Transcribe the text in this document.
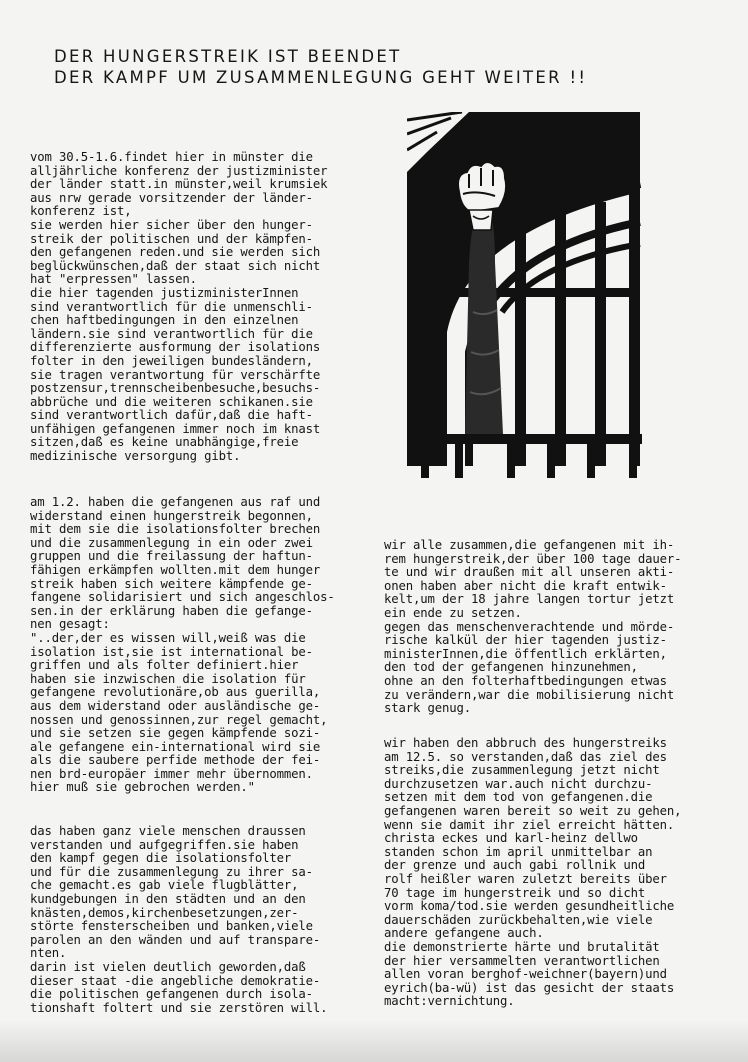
DER HUNGERSTREIK IST BEENDET
DER KAMPF UM ZUSAMMENLEGUNG GEHT WEITER !!

vom 30.5-1.6.findet hier in münster die

alljährliche konferenz der justizminister

der länder statt.in münster,weil krumsiek

aus nrw gerade vorsitzender der länder-

konferenz ist,

sie werden hier sicher über den hunger-

streik der politischen und der kämpfen-

den gefangenen reden.und sie werden sich

beglückwünschen,daß der staat sich nicht

hat "erpressen" lassen.

die hier tagenden justizministerInnen

sind verantwortlich für die unmenschli-

chen haftbedingungen in den einzelnen

ländern.sie sind verantwortlich für die

differenzierte ausformung der isolations

folter in den jeweiligen bundesländern,

sie tragen verantwortung für verschärfte

postzensur,trennscheibenbesuche,besuchs-

abbrüche und die weiteren schikanen.sie

sind verantwortlich dafür,daß die haft-

unfähigen gefangenen immer noch im knast

sitzen,daß es keine unabhängige,freie

medizinische versorgung gibt.

am 1.2. haben die gefangenen aus raf und

widerstand einen hungerstreik begonnen,

mit dem sie die isolationsfolter brechen

und die zusammenlegung in ein oder zwei

gruppen und die freilassung der haftun-

fähigen erkämpfen wollten.mit dem hunger

streik haben sich weitere kämpfende ge-

fangene solidarisiert und sich angeschlos-

sen.in der erklärung haben die gefange-

nen gesagt:

"..der,der es wissen will,weiß was die

isolation ist,sie ist international be-

griffen und als folter definiert.hier

haben sie inzwischen die isolation für

gefangene revolutionäre,ob aus guerilla,

aus dem widerstand oder ausländische ge-

nossen und genossinnen,zur regel gemacht,

und sie setzen sie gegen kämpfende sozi-

ale gefangene ein-international wird sie

als die saubere perfide methode der fei-

nen brd-europäer immer mehr übernommen.

hier muß sie gebrochen werden."

das haben ganz viele menschen draussen

verstanden und aufgegriffen.sie haben

den kampf gegen die isolationsfolter

und für die zusammenlegung zu ihrer sa-

che gemacht.es gab viele flugblätter,

kundgebungen in den städten und an den

knästen,demos,kirchenbesetzungen,zer-

störte fensterscheiben und banken,viele

parolen an den wänden und auf transpare-

nten.

darin ist vielen deutlich geworden,daß

dieser staat -die angebliche demokratie-

die politischen gefangenen durch isola-

tionshaft foltert und sie zerstören will.

wir alle zusammen,die gefangenen mit ih-

rem hungerstreik,der über 100 tage dauer-

te und wir draußen mit all unseren akti-

onen haben aber nicht die kraft entwik-

kelt,um der 18 jahre langen tortur jetzt

ein ende zu setzen.

gegen das menschenverachtende und mörde-

rische kalkül der hier tagenden justiz-

ministerInnen,die öffentlich erklärten,

den tod der gefangenen hinzunehmen,

ohne an den folterhaftbedingungen etwas

zu verändern,war die mobilisierung nicht

stark genug.

wir haben den abbruch des hungerstreiks

am 12.5. so verstanden,daß das ziel des

streiks,die zusammenlegung jetzt nicht

durchzusetzen war.auch nicht durchzu-

setzen mit dem tod von gefangenen.die

gefangenen waren bereit so weit zu gehen,

wenn sie damit ihr ziel erreicht hätten.

christa eckes und karl-heinz dellwo

standen schon im april unmittelbar an

der grenze und auch gabi rollnik und

rolf heißler waren zuletzt bereits über

70 tage im hungerstreik und so dicht

vorm koma/tod.sie werden gesundheitliche

dauerschäden zurückbehalten,wie viele

andere gefangene auch.

die demonstrierte härte und brutalität

der hier versammelten verantwortlichen

allen voran berghof-weichner(bayern)und

eyrich(ba-wü) ist das gesicht der staats

macht:vernichtung.
